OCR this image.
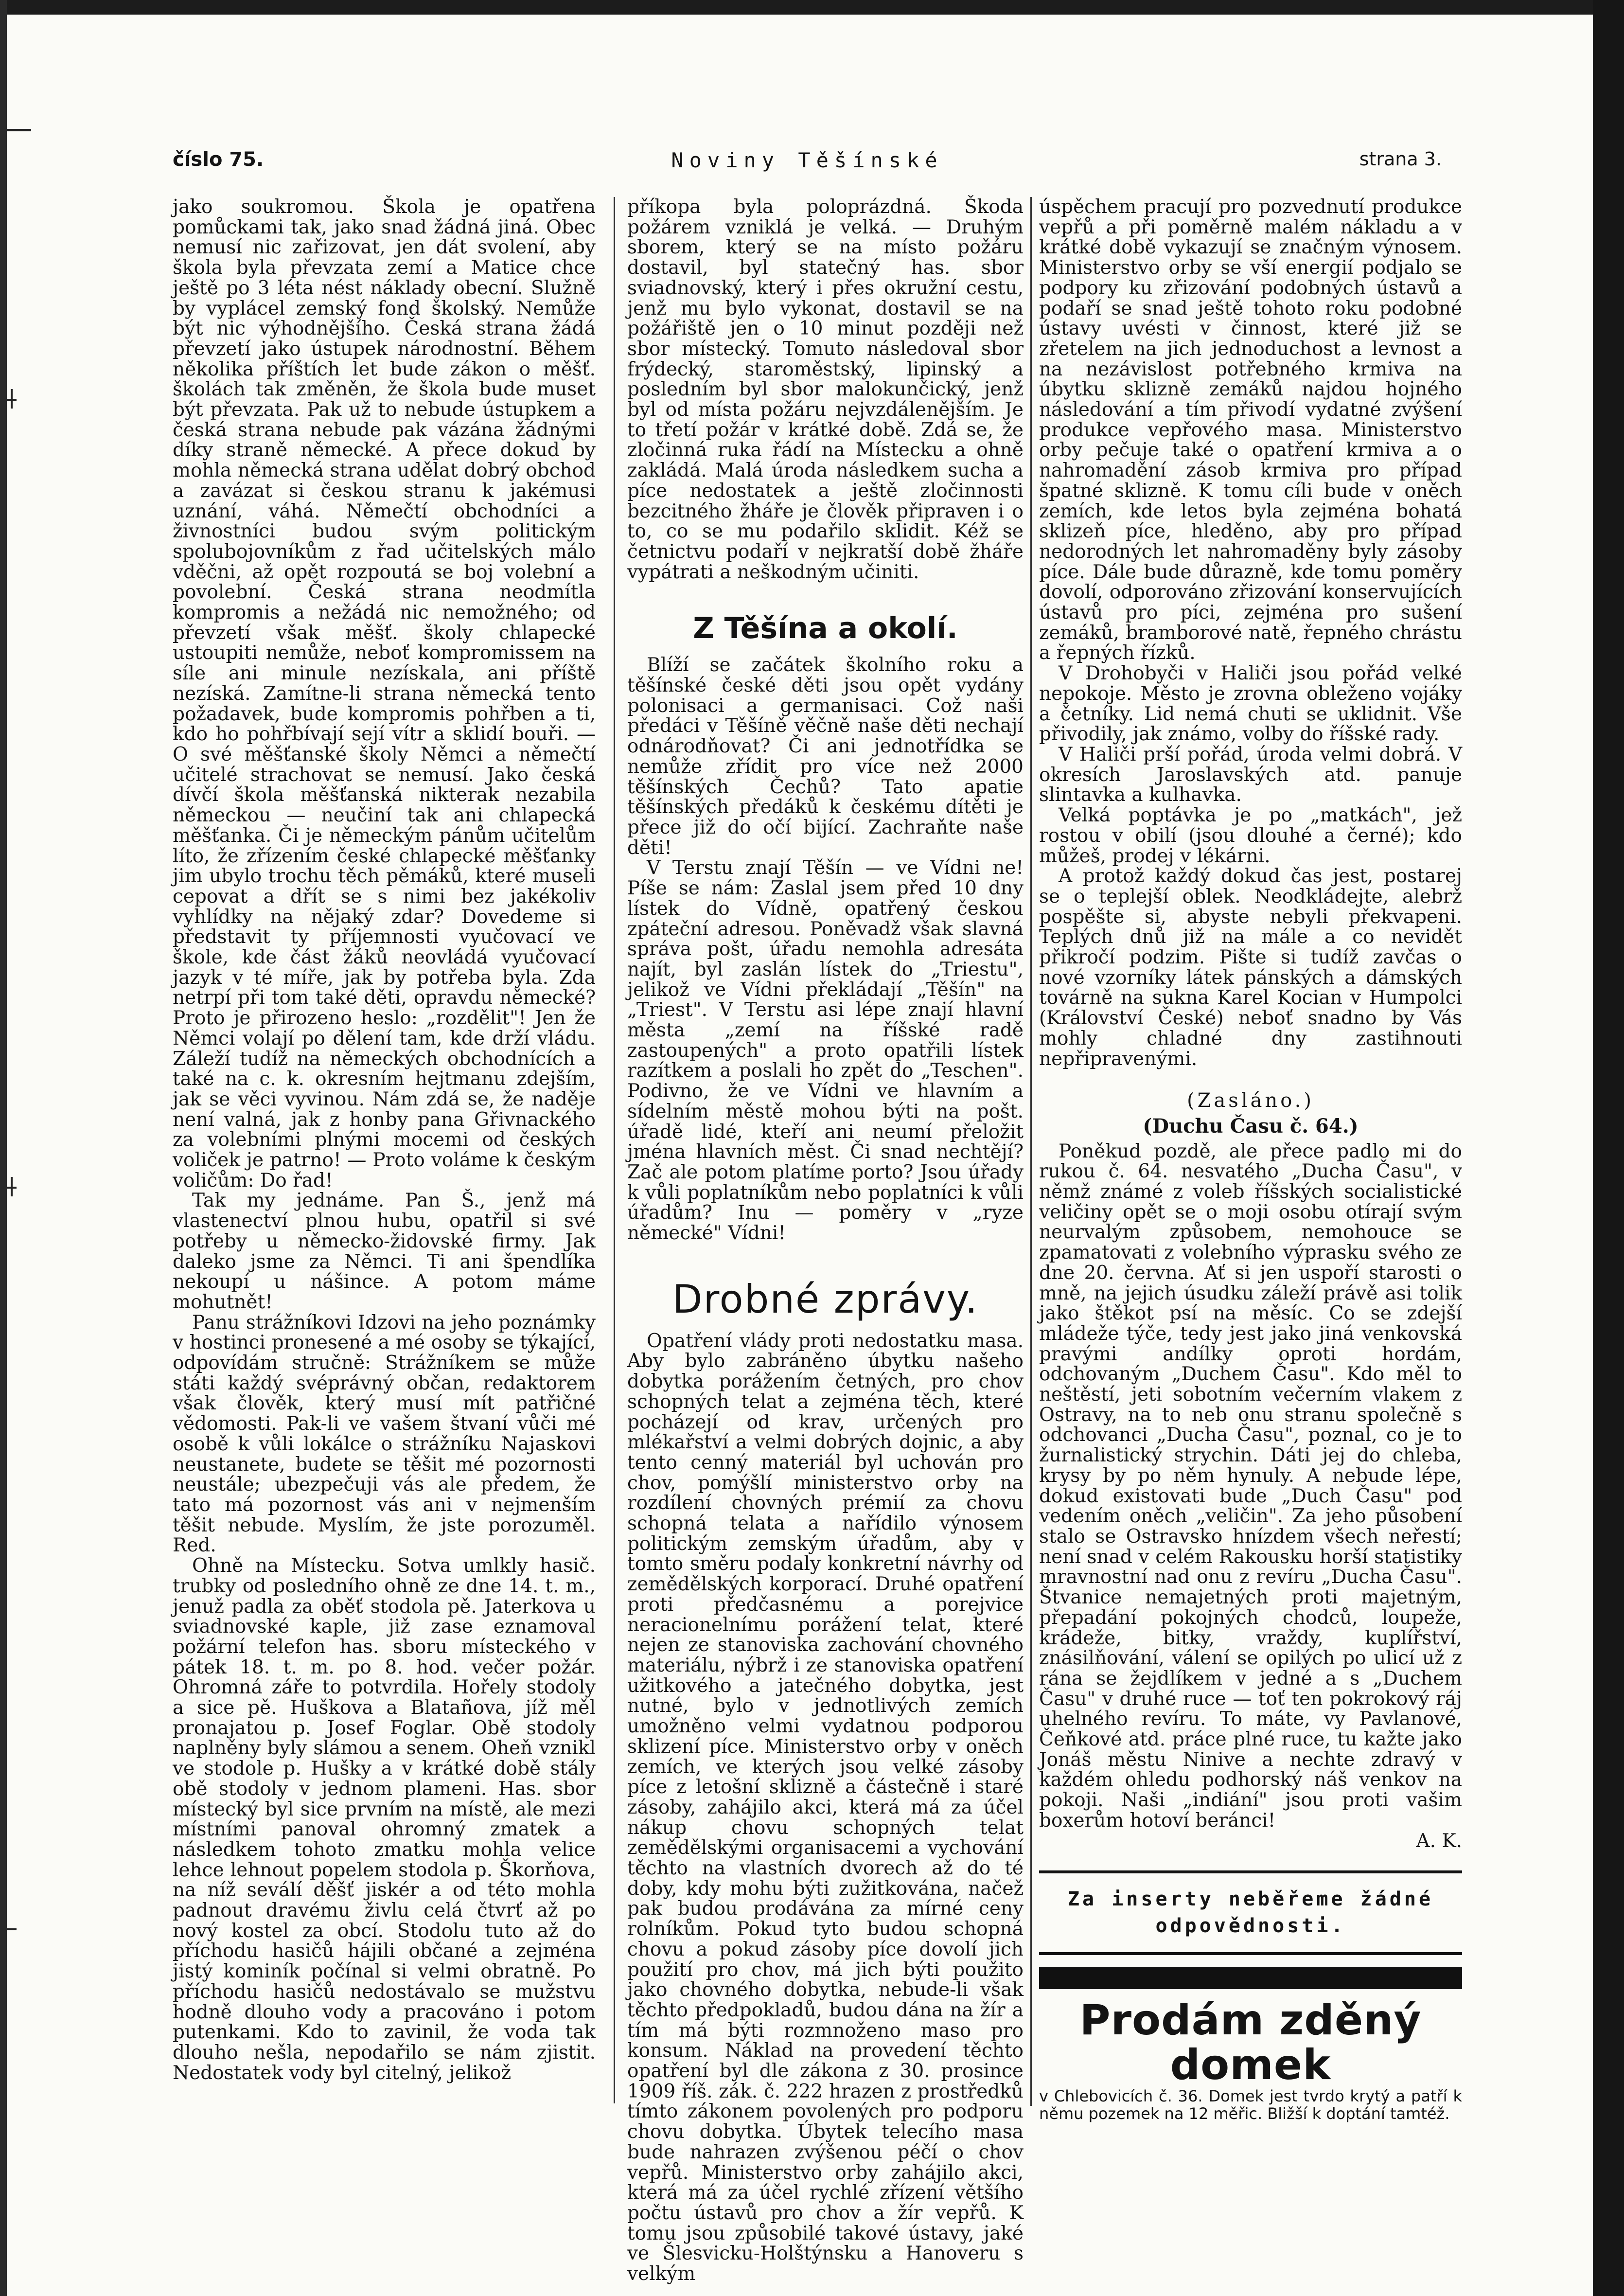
Noviny Těšínské
číslo 75.	strana 3.

jako soukromou. Škola je opatřena pomůckami tak, jako snad žádná jiná. Obec nemusí nic zařizovat, jen dát svolení, aby škola byla převzata zemí a Matice chce ještě po 3 léta nést náklady obecní. Služně by vyplácel zemský fond školský. Nemůže být nic výhodnějšího. Česká strana žádá převzetí jako ústupek národnostní. Během několika příštích let bude zákon o měšť. školách tak změněn, že škola bude muset být převzata. Pak už to nebude ústupkem a česká strana nebude pak vázána žádnými díky straně německé. A přece dokud by mohla německá strana udělat dobrý obchod a zavázat si českou stranu k jakémusi uznání, váhá. Němečtí obchodníci a živnostníci budou svým politickým spolubojovníkům z řad učitelských málo vděčni, až opět rozpoutá se boj volební a povolební. Česká strana neodmítla kompromis a nežádá nic nemožného; od převzetí však měšť. školy chlapecké ustoupiti nemůže, neboť kompromissem na síle ani minule nezískala, ani příště nezíská. Zamítne-li strana německá tento požadavek, bude kompromis pohřben a ti, kdo ho pohřbívají sejí vítr a sklidí bouři. — O své měšťanské školy Němci a němečtí učitelé strachovat se nemusí. Jako česká dívčí škola měšťanská nikterak nezabila německou — neučiní tak ani chlapecká měšťanka. Či je německým pánům učitelům líto, že zřízením české chlapecké měšťanky jim ubylo trochu těch pěmáků, které museli cepovat a dřít se s nimi bez jakékoliv vyhlídky na nějaký zdar? Dovedeme si představit ty příjemnosti vyučovací ve škole, kde část žáků neovládá vyučovací jazyk v té míře, jak by potřeba byla. Zda netrpí při tom také děti, opravdu německé? Proto je přirozeno heslo: „rozdělit"! Jen že Němci volají po dělení tam, kde drží vládu. Záleží tudíž na německých obchodnících a také na c. k. okresním hejtmanu zdejším, jak se věci vyvinou. Nám zdá se, že naděje není valná, jak z honby pana Gřivnackého za volebními plnými mocemi od českých voliček je patrno! — Proto voláme k českým voličům: Do řad!

Tak my jednáme. Pan Š., jenž má vlastenectví plnou hubu, opatřil si své potřeby u německo-židovské firmy. Jak daleko jsme za Němci. Ti ani špendlíka nekoupí u nášince. A potom máme mohutnět!

Panu strážníkovi Idzovi na jeho poznámky v hostinci pronesené a mé osoby se týkající, odpovídám stručně: Strážníkem se může státi každý svéprávný občan, redaktorem však člověk, který musí mít patřičné vědomosti. Pak-li ve vašem štvaní vůči mé osobě k vůli lokálce o strážníku Najaskovi neustanete, budete se těšit mé pozornosti neustále; ubezpečuji vás ale předem, že tato má pozornost vás ani v nejmenším těšit nebude. Myslím, že jste porozuměl. Red.

Ohně na Místecku. Sotva umlkly hasič. trubky od posledního ohně ze dne 14. t. m., jenuž padla za oběť stodola pě. Jaterkova u sviadnovské kaple, již zase eznamoval požární telefon has. sboru místeckého v pátek 18. t. m. po 8. hod. večer požár. Ohromná záře to potvrdila. Hořely stodoly a sice pě. Huškova a Blatañova, jíž měl pronajatou p. Josef Foglar. Obě stodoly naplněny byly slámou a senem. Oheň vznikl ve stodole p. Hušky a v krátké době stály obě stodoly v jednom plameni. Has. sbor místecký byl sice prvním na místě, ale mezi místními panoval ohromný zmatek a následkem tohoto zmatku mohla velice lehce lehnout popelem stodola p. Škorňova, na níž seválí děšť jiskér a od této mohla padnout dravému živlu celá čtvrť až po nový kostel za obcí. Stodolu tuto až do příchodu hasičů hájili občané a zejména jistý kominík počínal si velmi obratně. Po příchodu hasičů nedostávalo se mužstvu hodně dlouho vody a pracováno i potom putenkami. Kdo to zavinil, že voda tak dlouho nešla, nepodařilo se nám zjistit. Nedostatek vody byl citelný, jelikož

příkopa byla poloprázdná. Škoda požárem vzniklá je velká. — Druhým sborem, který se na místo požáru dostavil, byl statečný has. sbor sviadnovský, který i přes okružní cestu, jenž mu bylo vykonat, dostavil se na požářiště jen o 10 minut později než sbor místecký. Tomuto následoval sbor frýdecký, staroměstský, lipinský a posledním byl sbor malokunčický, jenž byl od místa požáru nejvzdálenějším. Je to třetí požár v krátké době. Zdá se, že zločinná ruka řádí na Místecku a ohně zakládá. Malá úroda následkem sucha a píce nedostatek a ještě zločinnosti bezcitného žháře je člověk připraven i o to, co se mu podařilo sklidit. Kéž se četnictvu podaří v nejkratší době žháře vypátrati a neškodným učiniti.

Z Těšína a okolí.

Blíží se začátek školního roku a těšínské české děti jsou opět vydány polonisaci a germanisaci. Což naši předáci v Těšíně věčně naše děti nechají odnárodňovat? Či ani jednotřídka se nemůže zřídit pro více než 2000 těšínských Čechů? Tato apatie těšínských předáků k českému dítěti je přece již do očí bijící. Zachraňte naše děti!

V Terstu znají Těšín — ve Vídni ne! Píše se nám: Zaslal jsem před 10 dny lístek do Vídně, opatřený českou zpáteční adresou. Poněvadž však slavná správa pošt, úřadu nemohla adresáta najít, byl zaslán lístek do „Triestu", jelikož ve Vídni překládají „Těšín" na „Triest". V Terstu asi lépe znají hlavní města „zemí na říšské radě zastoupených" a proto opatřili lístek razítkem a poslali ho zpět do „Teschen". Podivno, že ve Vídni ve hlavním a sídelním městě mohou býti na pošt. úřadě lidé, kteří ani neumí přeložit jména hlavních měst. Či snad nechtějí? Zač ale potom platíme porto? Jsou úřady k vůli poplatníkům nebo poplatníci k vůli úřadům? Inu — poměry v „ryze německé" Vídni!

Drobné zprávy.

Opatření vlády proti nedostatku masa. Aby bylo zabráněno úbytku našeho dobytka porážením četných, pro chov schopných telat a zejména těch, které pocházejí od krav, určených pro mlékařství a velmi dobrých dojnic, a aby tento cenný materiál byl uchován pro chov, pomýšlí ministerstvo orby na rozdílení chovných prémií za chovu schopná telata a nařídilo výnosem politickým zemským úřadům, aby v tomto směru podaly konkretní návrhy od zemědělských korporací. Druhé opatření proti předčasnému a porejvice neracionelnímu porážení telat, které nejen ze stanoviska zachování chovného materiálu, nýbrž i ze stanoviska opatření užitkového a jatečného dobytka, jest nutné, bylo v jednotlivých zemích umožněno velmi vydatnou podporou sklizení píce. Ministerstvo orby v oněch zemích, ve kterých jsou velké zásoby píce z letošní sklizně a částečně i staré zásoby, zahájilo akci, která má za účel nákup chovu schopných telat zemědělskými organisacemi a vychování těchto na vlastních dvorech až do té doby, kdy mohu býti zužitkována, načež pak budou prodávána za mírné ceny rolníkům. Pokud tyto budou schopná chovu a pokud zásoby píce dovolí jich použití pro chov, má jich býti použito jako chovného dobytka, nebude-li však těchto předpokladů, budou dána na žír a tím má býti rozmnoženo maso pro konsum. Náklad na provedení těchto opatření byl dle zákona z 30. prosince 1909 říš. zák. č. 222 hrazen z prostředků tímto zákonem povolených pro podporu chovu dobytka. Úbytek telecího masa bude nahrazen zvýšenou péčí o chov vepřů. Ministerstvo orby zahájilo akci, která má za účel rychlé zřízení většího počtu ústavů pro chov a žír vepřů. K tomu jsou způsobilé takové ústavy, jaké ve Šlesvicku-Holštýnsku a Hanoveru s velkým

úspěchem pracují pro pozvednutí produkce vepřů a při poměrně malém nákladu a v krátké době vykazují se značným výnosem. Ministerstvo orby se vší energií podjalo se podpory ku zřizování podobných ústavů a podaří se snad ještě tohoto roku podobné ústavy uvésti v činnost, které již se zřetelem na jich jednoduchost a levnost a na nezávislost potřebného krmiva na úbytku sklizně zemáků najdou hojného následování a tím přivodí vydatné zvýšení produkce vepřového masa. Ministerstvo orby pečuje také o opatření krmiva a o nahromadění zásob krmiva pro případ špatné sklizně. K tomu cíli bude v oněch zemích, kde letos byla zejména bohatá sklizeň píce, hleděno, aby pro případ nedorodných let nahromaděny byly zásoby píce. Dále bude důrazně, kde tomu poměry dovolí, odporováno zřizování konservujících ústavů pro píci, zejména pro sušení zemáků, bramborové natě, řepného chrástu a řepných řízků.

V Drohobyči v Haliči jsou pořád velké nepokoje. Město je zrovna obleženo vojáky a četníky. Lid nemá chuti se uklidnit. Vše přivodily, jak známo, volby do říšské rady.

V Haliči prší pořád, úroda velmi dobrá. V okresích Jaroslavských atd. panuje slintavka a kulhavka.

Velká poptávka je po „matkách", jež rostou v obilí (jsou dlouhé a černé); kdo můžeš, prodej v lékárni.

A protož každý dokud čas jest, postarej se o teplejší oblek. Neodkládejte, alebrž pospěšte si, abyste nebyli překvapeni. Teplých dnů již na mále a co nevidět přikročí podzim. Pište si tudíž zavčas o nové vzorníky látek pánských a dámských továrně na sukna Karel Kocian v Humpolci (Království České) neboť snadno by Vás mohly chladné dny zastihnouti nepřipravenými.

(Zasláno.)

(Duchu Času č. 64.)

Poněkud pozdě, ale přece padlo mi do rukou č. 64. nesvatého „Ducha Času", v němž známé z voleb říšských socialistické veličiny opět se o moji osobu otírají svým neurvalým způsobem, nemohouce se zpamatovati z volebního výprasku svého ze dne 20. června. Ať si jen uspoří starosti o mně, na jejich úsudku záleží právě asi tolik jako štěkot psí na měsíc. Co se zdejší mládeže týče, tedy jest jako jiná venkovská pravými andílky oproti hordám, odchovaným „Duchem Času". Kdo měl to neštěstí, jeti sobotním večerním vlakem z Ostravy, na to neb onu stranu společně s odchovanci „Ducha Času", poznal, co je to žurnalistický strychin. Dáti jej do chleba, krysy by po něm hynuly. A nebude lépe, dokud existovati bude „Duch Času" pod vedením oněch „veličin". Za jeho působení stalo se Ostravsko hnízdem všech neřestí; není snad v celém Rakousku horší statistiky mravnostní nad onu z revíru „Ducha Času". Štvanice nemajetných proti majetným, přepadání pokojných chodců, loupeže, krádeže, bitky, vraždy, kuplířství, znásilňování, válení se opilých po ulicí už z rána se žejdlíkem v jedné a s „Duchem Času" v druhé ruce — toť ten pokrokový ráj uhelného revíru. To máte, vy Pavlanové, Čeňkové atd. práce plné ruce, tu kažte jako Jonáš městu Ninive a nechte zdravý v každém ohledu podhorský náš venkov na pokoji. Naši „indiání" jsou proti vašim boxerům hotoví beránci!

A. K.

Za inserty neběřeme žádné odpovědnosti.
Prodám zděný domek

v Chlebovicích č. 36. Domek jest tvrdo krytý a patří k němu pozemek na 12 měřic. Bližší k doptání tamtéž.
